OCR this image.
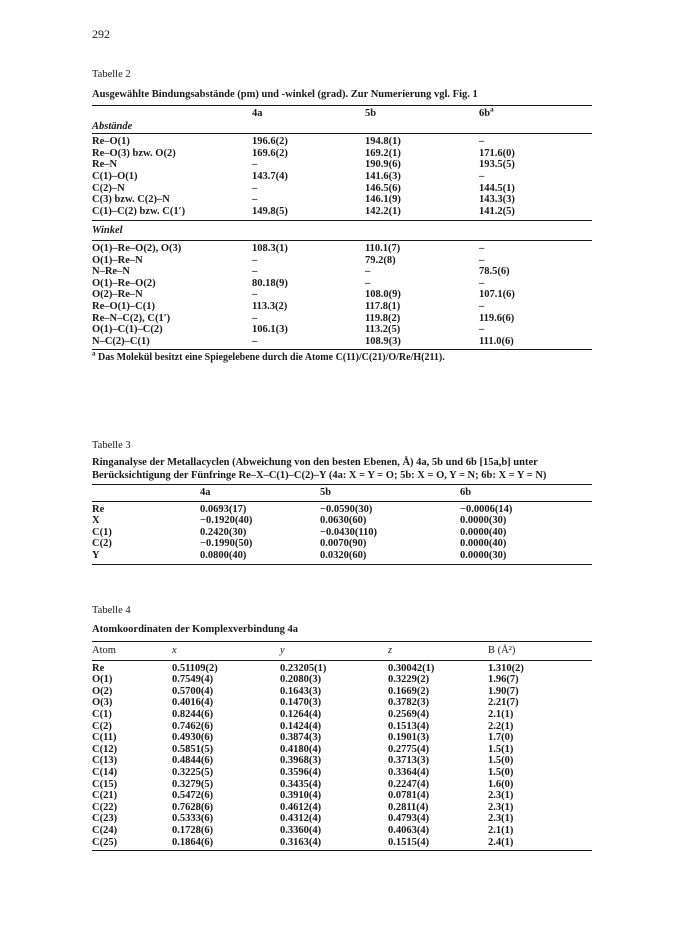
292
Tabelle 2
Ausgewählte Bindungsabstände (pm) und -winkel (grad). Zur Numerierung vgl. Fig. 1
	4a	5b	$6b^a$
Abstände
Re–O(1)	196.6(2)	194.8(1)	–
Re–O(3) bzw. O(2)	169.6(2)	169.2(1)	171.6(0)
Re–N	–	190.9(6)	193.5(5)
C(1)–O(1)	143.7(4)	141.6(3)	–
C(2)–N	–	146.5(6)	144.5(1)
C(3) bzw. C(2)–N	–	146.1(9)	143.3(3)
C(1)–C(2) bzw. C(1′)	149.8(5)	142.2(1)	141.2(5)
Winkel
O(1)–Re–O(2), O(3)	108.3(1)	110.1(7)	–
O(1)–Re–N	–	79.2(8)	–
N–Re–N	–	–	78.5(6)
O(1)–Re–O(2)	80.18(9)	–	–
O(2)–Re–N	–	108.0(9)	107.1(6)
Re–O(1)–C(1)	113.3(2)	117.8(1)	–
Re–N–C(2), C(1′)	–	119.8(2)	119.6(6)
O(1)–C(1)–C(2)	106.1(3)	113.2(5)	–
N–C(2)–C(1)	–	108.9(3)	111.0(6)
$^a$ Das Molekül besitzt eine Spiegelebene durch die Atome C(11)/C(21)/O/Re/H(211).
Tabelle 3
Ringanalyse der Metallacyclen (Abweichung von den besten Ebenen, Å) 4a, 5b und 6b [15a,b] unter
Berücksichtigung der Fünfringe Re–X–C(1)–C(2)–Y (4a: X = Y = O; 5b: X = O, Y = N; 6b: X = Y = N)
	4a	5b	6b
Re	0.0693(17)	−0.0590(30)	−0.0006(14)
X	−0.1920(40)	0.0630(60)	0.0000(30)
C(1)	0.2420(30)	−0.0430(110)	0.0000(40)
C(2)	−0.1990(50)	0.0070(90)	0.0000(40)
Y	0.0800(40)	0.0320(60)	0.0000(30)
Tabelle 4
Atomkoordinaten der Komplexverbindung 4a
Atom	x	y	z	B (Å²)
Re	0.51109(2)	0.23205(1)	0.30042(1)	1.310(2)
O(1)	0.7549(4)	0.2080(3)	0.3229(2)	1.96(7)
O(2)	0.5700(4)	0.1643(3)	0.1669(2)	1.90(7)
O(3)	0.4016(4)	0.1470(3)	0.3782(3)	2.21(7)
C(1)	0.8244(6)	0.1264(4)	0.2569(4)	2.1(1)
C(2)	0.7462(6)	0.1424(4)	0.1513(4)	2.2(1)
C(11)	0.4930(6)	0.3874(3)	0.1901(3)	1.7(0)
C(12)	0.5851(5)	0.4180(4)	0.2775(4)	1.5(1)
C(13)	0.4844(6)	0.3968(3)	0.3713(3)	1.5(0)
C(14)	0.3225(5)	0.3596(4)	0.3364(4)	1.5(0)
C(15)	0.3279(5)	0.3435(4)	0.2247(4)	1.6(0)
C(21)	0.5472(6)	0.3910(4)	0.0781(4)	2.3(1)
C(22)	0.7628(6)	0.4612(4)	0.2811(4)	2.3(1)
C(23)	0.5333(6)	0.4312(4)	0.4793(4)	2.3(1)
C(24)	0.1728(6)	0.3360(4)	0.4063(4)	2.1(1)
C(25)	0.1864(6)	0.3163(4)	0.1515(4)	2.4(1)
